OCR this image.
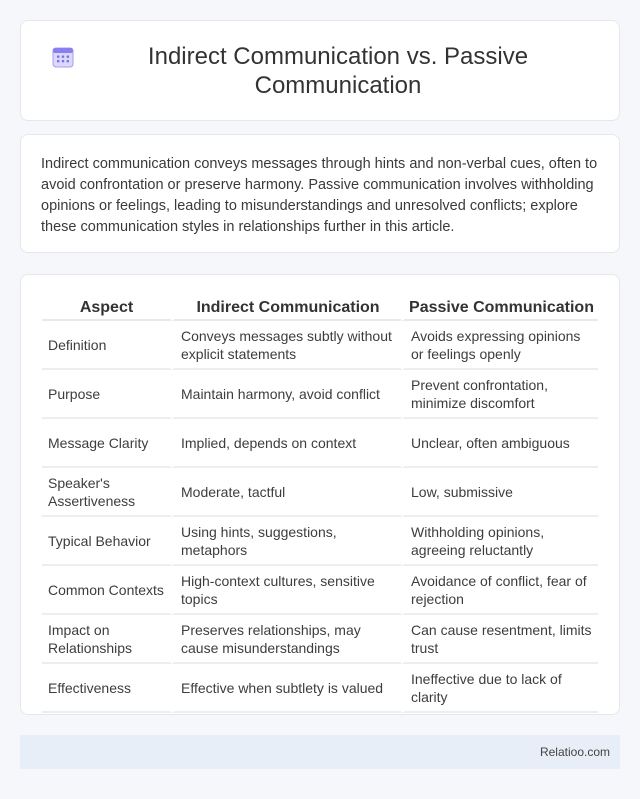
Indirect Communication vs. Passive Communication

Indirect communication conveys messages through hints and non-verbal cues, often to avoid confrontation or preserve harmony. Passive communication involves withholding opinions or feelings, leading to misunderstandings and unresolved conflicts; explore these communication styles in relationships further in this article.

Aspect	Indirect Communication	Passive Communication
Definition	Conveys messages subtly without explicit statements	Avoids expressing opinions or feelings openly
Purpose	Maintain harmony, avoid conflict	Prevent confrontation, minimize discomfort
Message Clarity	Implied, depends on context	Unclear, often ambiguous
Speaker's Assertiveness	Moderate, tactful	Low, submissive
Typical Behavior	Using hints, suggestions, metaphors	Withholding opinions, agreeing reluctantly
Common Contexts	High-context cultures, sensitive topics	Avoidance of conflict, fear of rejection
Impact on Relationships	Preserves relationships, may cause misunderstandings	Can cause resentment, limits trust
Effectiveness	Effective when subtlety is valued	Ineffective due to lack of clarity
Relatioo.com
